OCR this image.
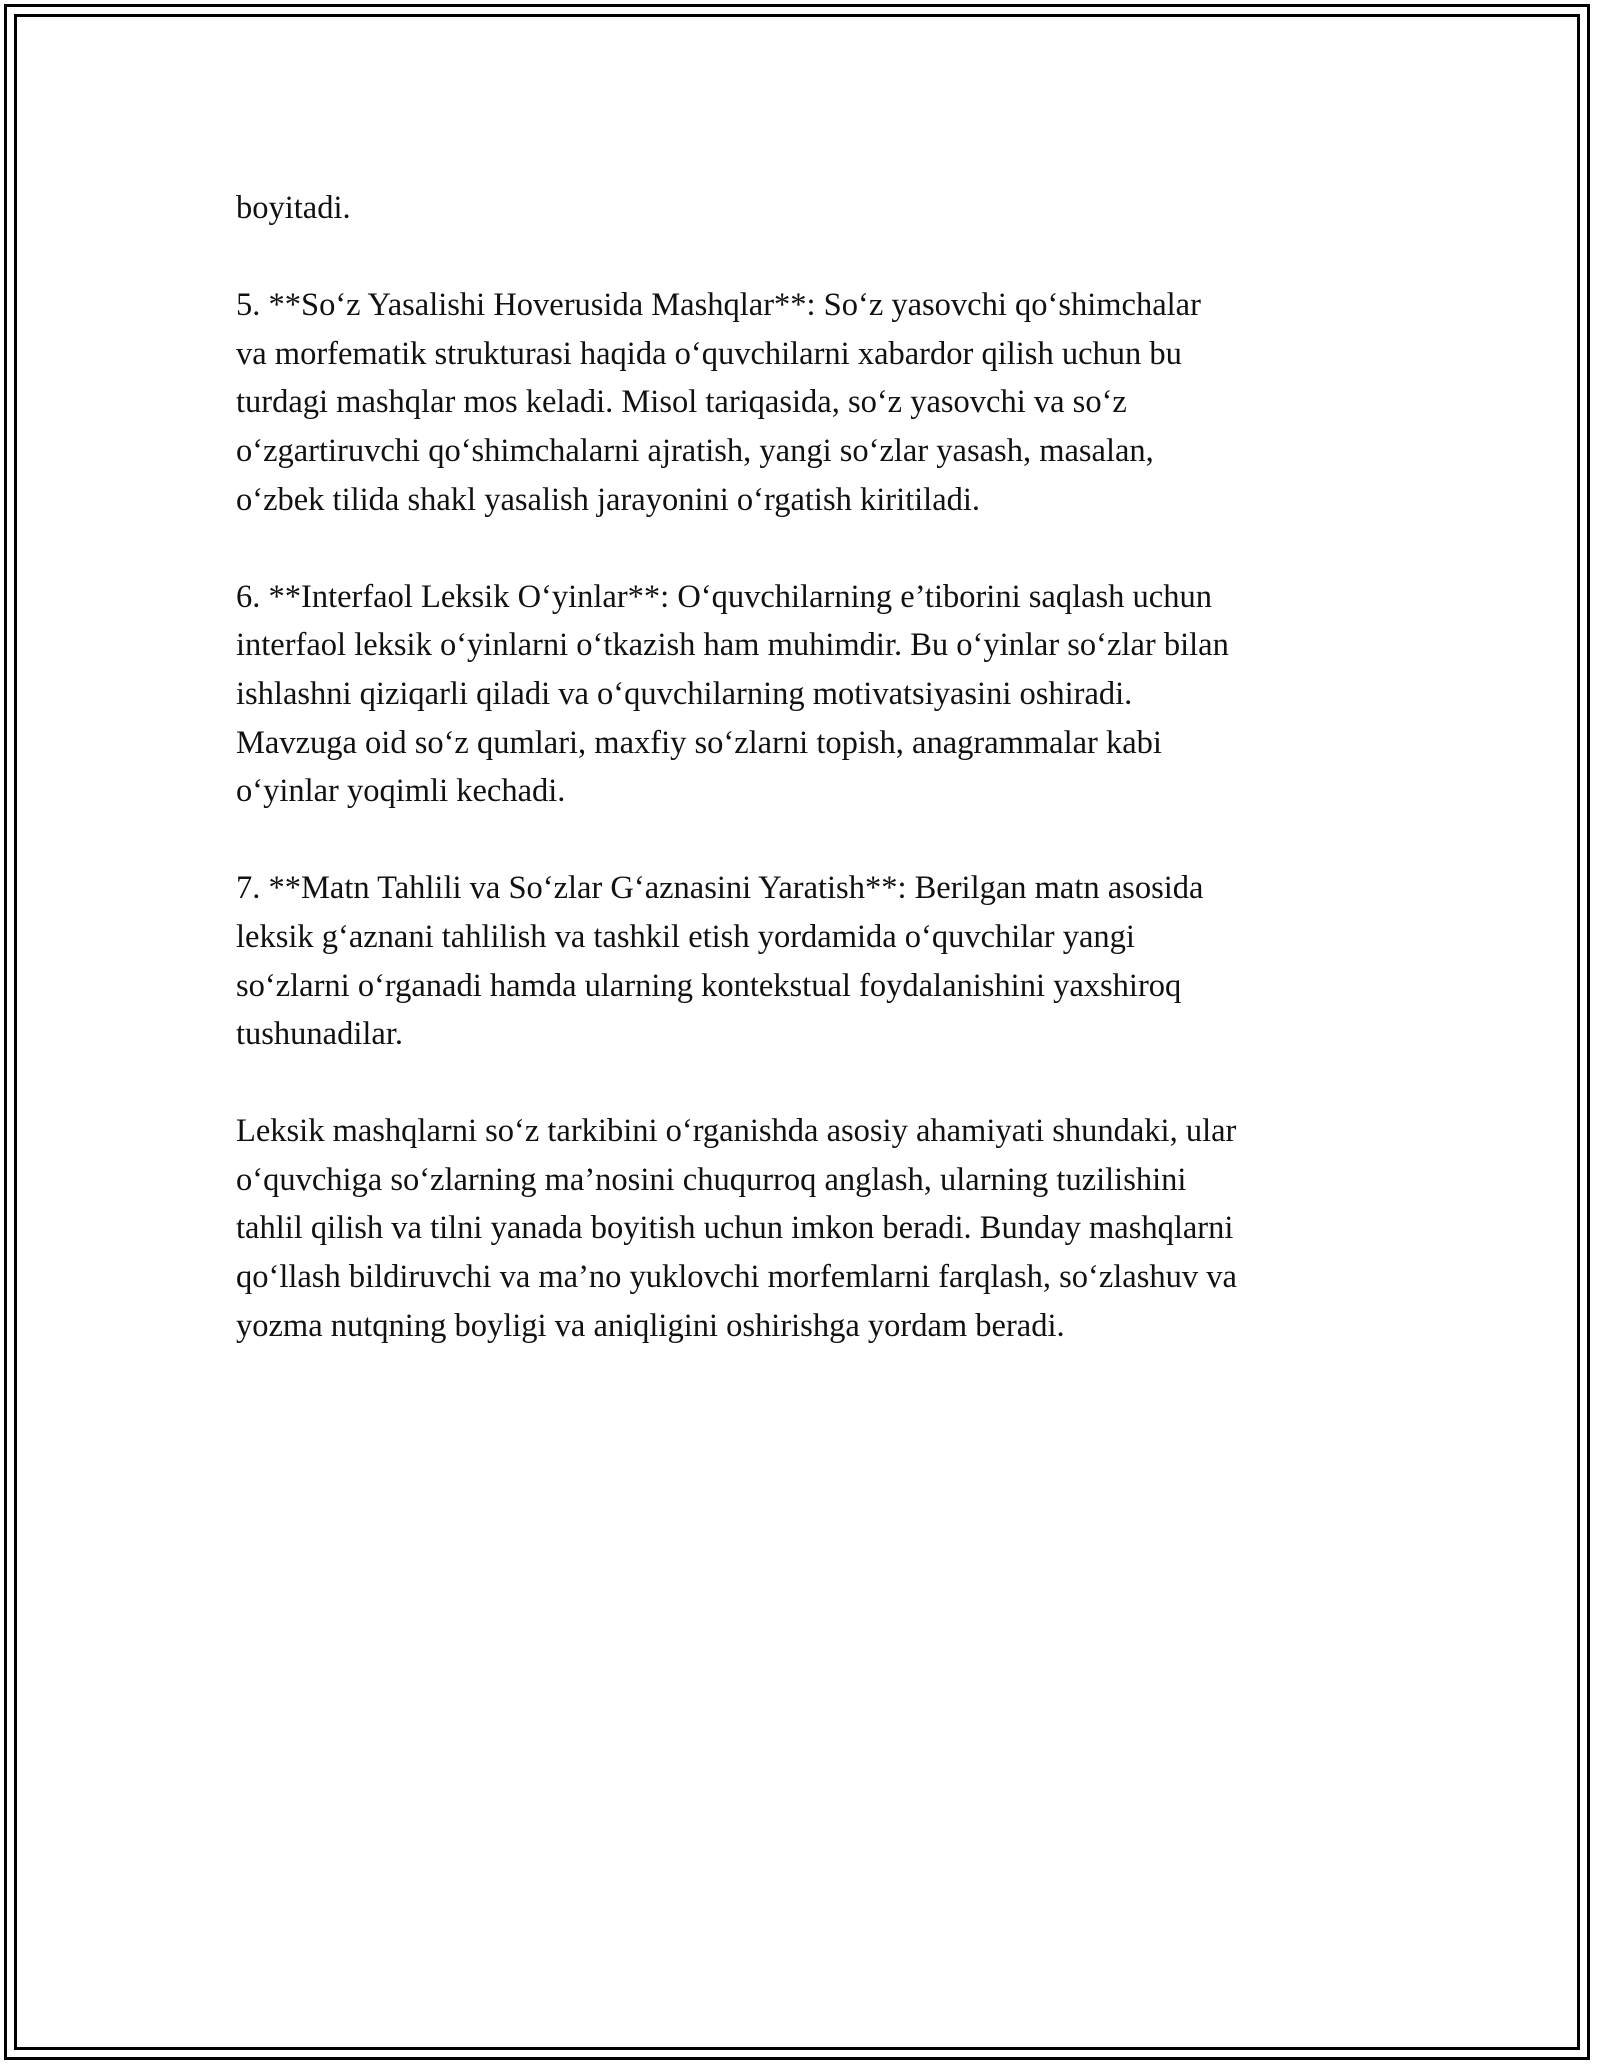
boyitadi.

5. **So‘z Yasalishi Hoverusida Mashqlar**: So‘z yasovchi qo‘shimchalar
va morfematik strukturasi haqida o‘quvchilarni xabardor qilish uchun bu
turdagi mashqlar mos keladi. Misol tariqasida, so‘z yasovchi va so‘z
o‘zgartiruvchi qo‘shimchalarni ajratish, yangi so‘zlar yasash, masalan,
o‘zbek tilida shakl yasalish jarayonini o‘rgatish kiritiladi.

6. **Interfaol Leksik O‘yinlar**: O‘quvchilarning e’tiborini saqlash uchun
interfaol leksik o‘yinlarni o‘tkazish ham muhimdir. Bu o‘yinlar so‘zlar bilan
ishlashni qiziqarli qiladi va o‘quvchilarning motivatsiyasini oshiradi.
Mavzuga oid so‘z qumlari, maxfiy so‘zlarni topish, anagrammalar kabi
o‘yinlar yoqimli kechadi.

7. **Matn Tahlili va So‘zlar G‘aznasini Yaratish**: Berilgan matn asosida
leksik g‘aznani tahlilish va tashkil etish yordamida o‘quvchilar yangi
so‘zlarni o‘rganadi hamda ularning kontekstual foydalanishini yaxshiroq
tushunadilar.

Leksik mashqlarni so‘z tarkibini o‘rganishda asosiy ahamiyati shundaki, ular
o‘quvchiga so‘zlarning ma’nosini chuqurroq anglash, ularning tuzilishini
tahlil qilish va tilni yanada boyitish uchun imkon beradi. Bunday mashqlarni
qo‘llash bildiruvchi va ma’no yuklovchi morfemlarni farqlash, so‘zlashuv va
yozma nutqning boyligi va aniqligini oshirishga yordam beradi.
